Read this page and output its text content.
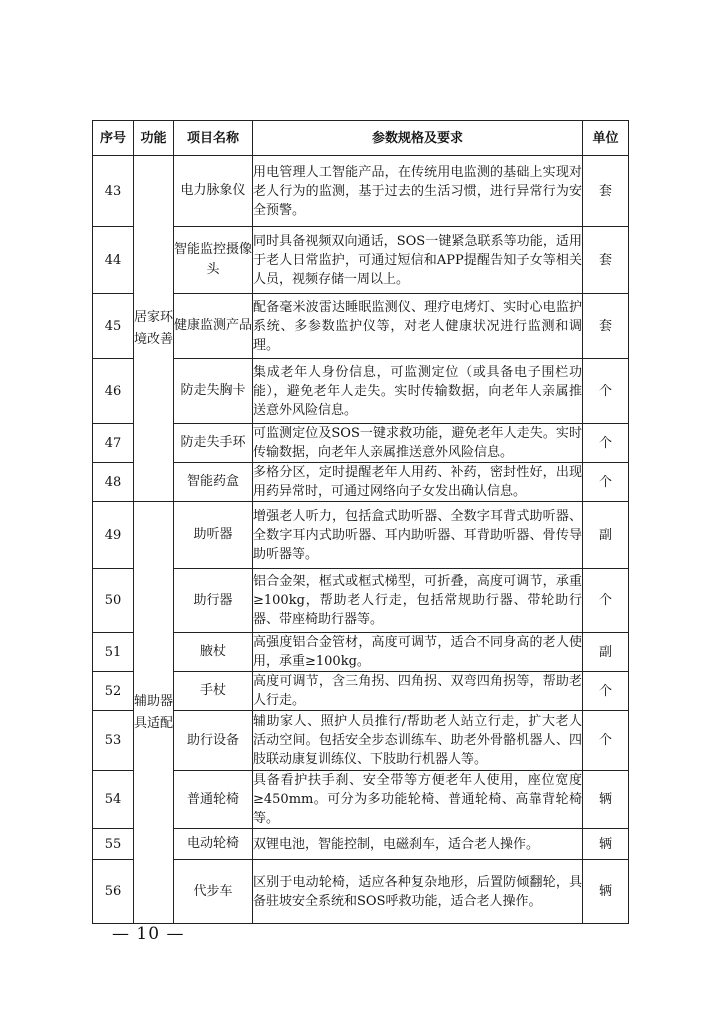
序号	功能	项目名称	参数规格及要求	单位
43	居家环境改善	电力脉象仪	用电管理人工智能产品，在传统用电监测的基础上实现对老人行为的监测，基于过去的生活习惯，进行异常行为安全预警。	套
44		智能监控摄像头	同时具备视频双向通话，SOS一键紧急联系等功能，适用于老人日常监护，可通过短信和APP提醒告知子女等相关人员，视频存储一周以上。	套
45		健康监测产品	配备毫米波雷达睡眠监测仪、理疗电烤灯、实时心电监护系统、多参数监护仪等，对老人健康状况进行监测和调理。	套
46		防走失胸卡	集成老年人身份信息，可监测定位（或具备电子围栏功能），避免老年人走失。实时传输数据，向老年人亲属推送意外风险信息。	个
47		防走失手环	可监测定位及SOS一键求救功能，避免老年人走失。实时传输数据，向老年人亲属推送意外风险信息。	个
48		智能药盒	多格分区，定时提醒老年人用药、补药，密封性好，出现用药异常时，可通过网络向子女发出确认信息。	个
49	辅助器具适配	助听器	增强老人听力，包括盒式助听器、全数字耳背式助听器、全数字耳内式助听器、耳内助听器、耳背助听器、骨传导助听器等。	副
50		助行器	铝合金架，框式或框式梯型，可折叠，高度可调节，承重≥100kg，帮助老人行走，包括常规助行器、带轮助行器、带座椅助行器等。	个
51		腋杖	高强度铝合金管材，高度可调节，适合不同身高的老人使用，承重≥100kg。	副
52		手杖	高度可调节，含三角拐、四角拐、双弯四角拐等，帮助老人行走。	个
53		助行设备	辅助家人、照护人员推行/帮助老人站立行走，扩大老人活动空间。包括安全步态训练车、助老外骨骼机器人、四肢联动康复训练仪、下肢助行机器人等。	个
54		普通轮椅	具备看护扶手刹、安全带等方便老年人使用，座位宽度≥450mm。可分为多功能轮椅、普通轮椅、高靠背轮椅等。	辆
55		电动轮椅	双锂电池，智能控制，电磁刹车，适合老人操作。	辆
56		代步车	区别于电动轮椅，适应各种复杂地形，后置防倾翻轮，具备驻坡安全系统和SOS呼救功能，适合老人操作。	辆
— 10 —
